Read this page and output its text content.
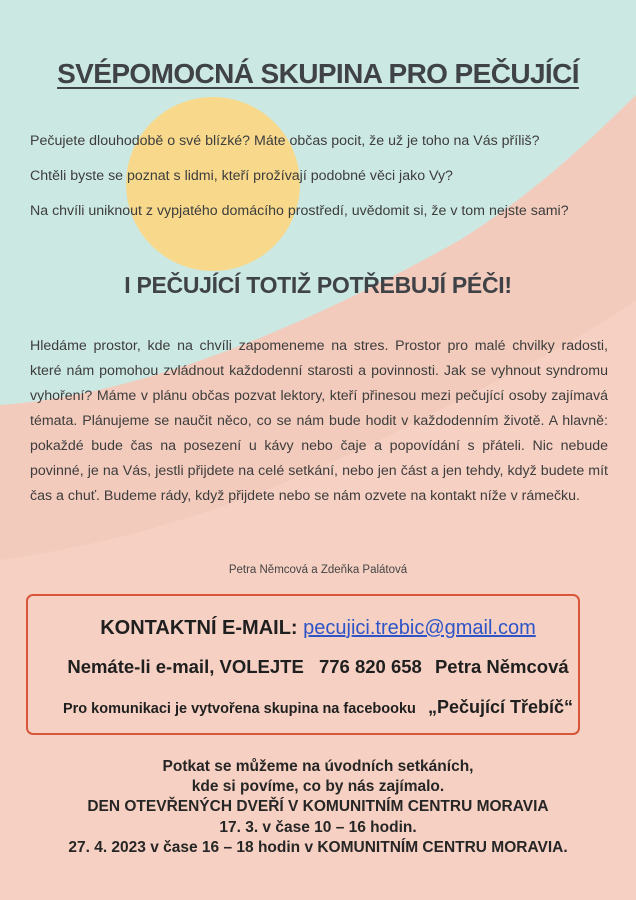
SVÉPOMOCNÁ SKUPINA PRO PEČUJÍCÍ
Pečujete dlouhodobě o své blízké? Máte občas pocit, že už je toho na Vás příliš?
Chtěli byste se poznat s lidmi, kteří prožívají podobné věci jako Vy?
Na chvíli uniknout z vypjatého domácího prostředí, uvědomit si, že v tom nejste sami?
I PEČUJÍCÍ TOTIŽ POTŘEBUJÍ PÉČI!
Hledáme prostor, kde na chvíli zapomeneme na stres. Prostor pro malé chvilky radosti, které nám pomohou zvládnout každodenní starosti a povinnosti. Jak se vyhnout syndromu vyhoření? Máme v plánu občas pozvat lektory, kteří přinesou mezi pečující osoby zajímavá témata. Plánujeme se naučit něco, co se nám bude hodit v každodenním životě. A hlavně: pokaždé bude čas na posezení u kávy nebo čaje a popovídání s přáteli. Nic nebude povinné, je na Vás, jestli přijdete na celé setkání, nebo jen část a jen tehdy, když budete mít čas a chuť. Budeme rády, když přijdete nebo se nám ozvete na kontakt níže v rámečku.
Petra Němcová a Zdeňka Palátová
KONTAKTNÍ E-MAIL: pecujici.trebic@gmail.com
Nemáte-li e-mail, VOLEJTE 776 820 658 Petra Němcová
Pro komunikaci je vytvořena skupina na facebooku „Pečující Třebíč“
Potkat se můžeme na úvodních setkáních,
kde si povíme, co by nás zajímalo.
DEN OTEVŘENÝCH DVEŘÍ V KOMUNITNÍM CENTRU MORAVIA
17. 3. v čase 10 – 16 hodin.
27. 4. 2023 v čase 16 – 18 hodin v KOMUNITNÍM CENTRU MORAVIA.
